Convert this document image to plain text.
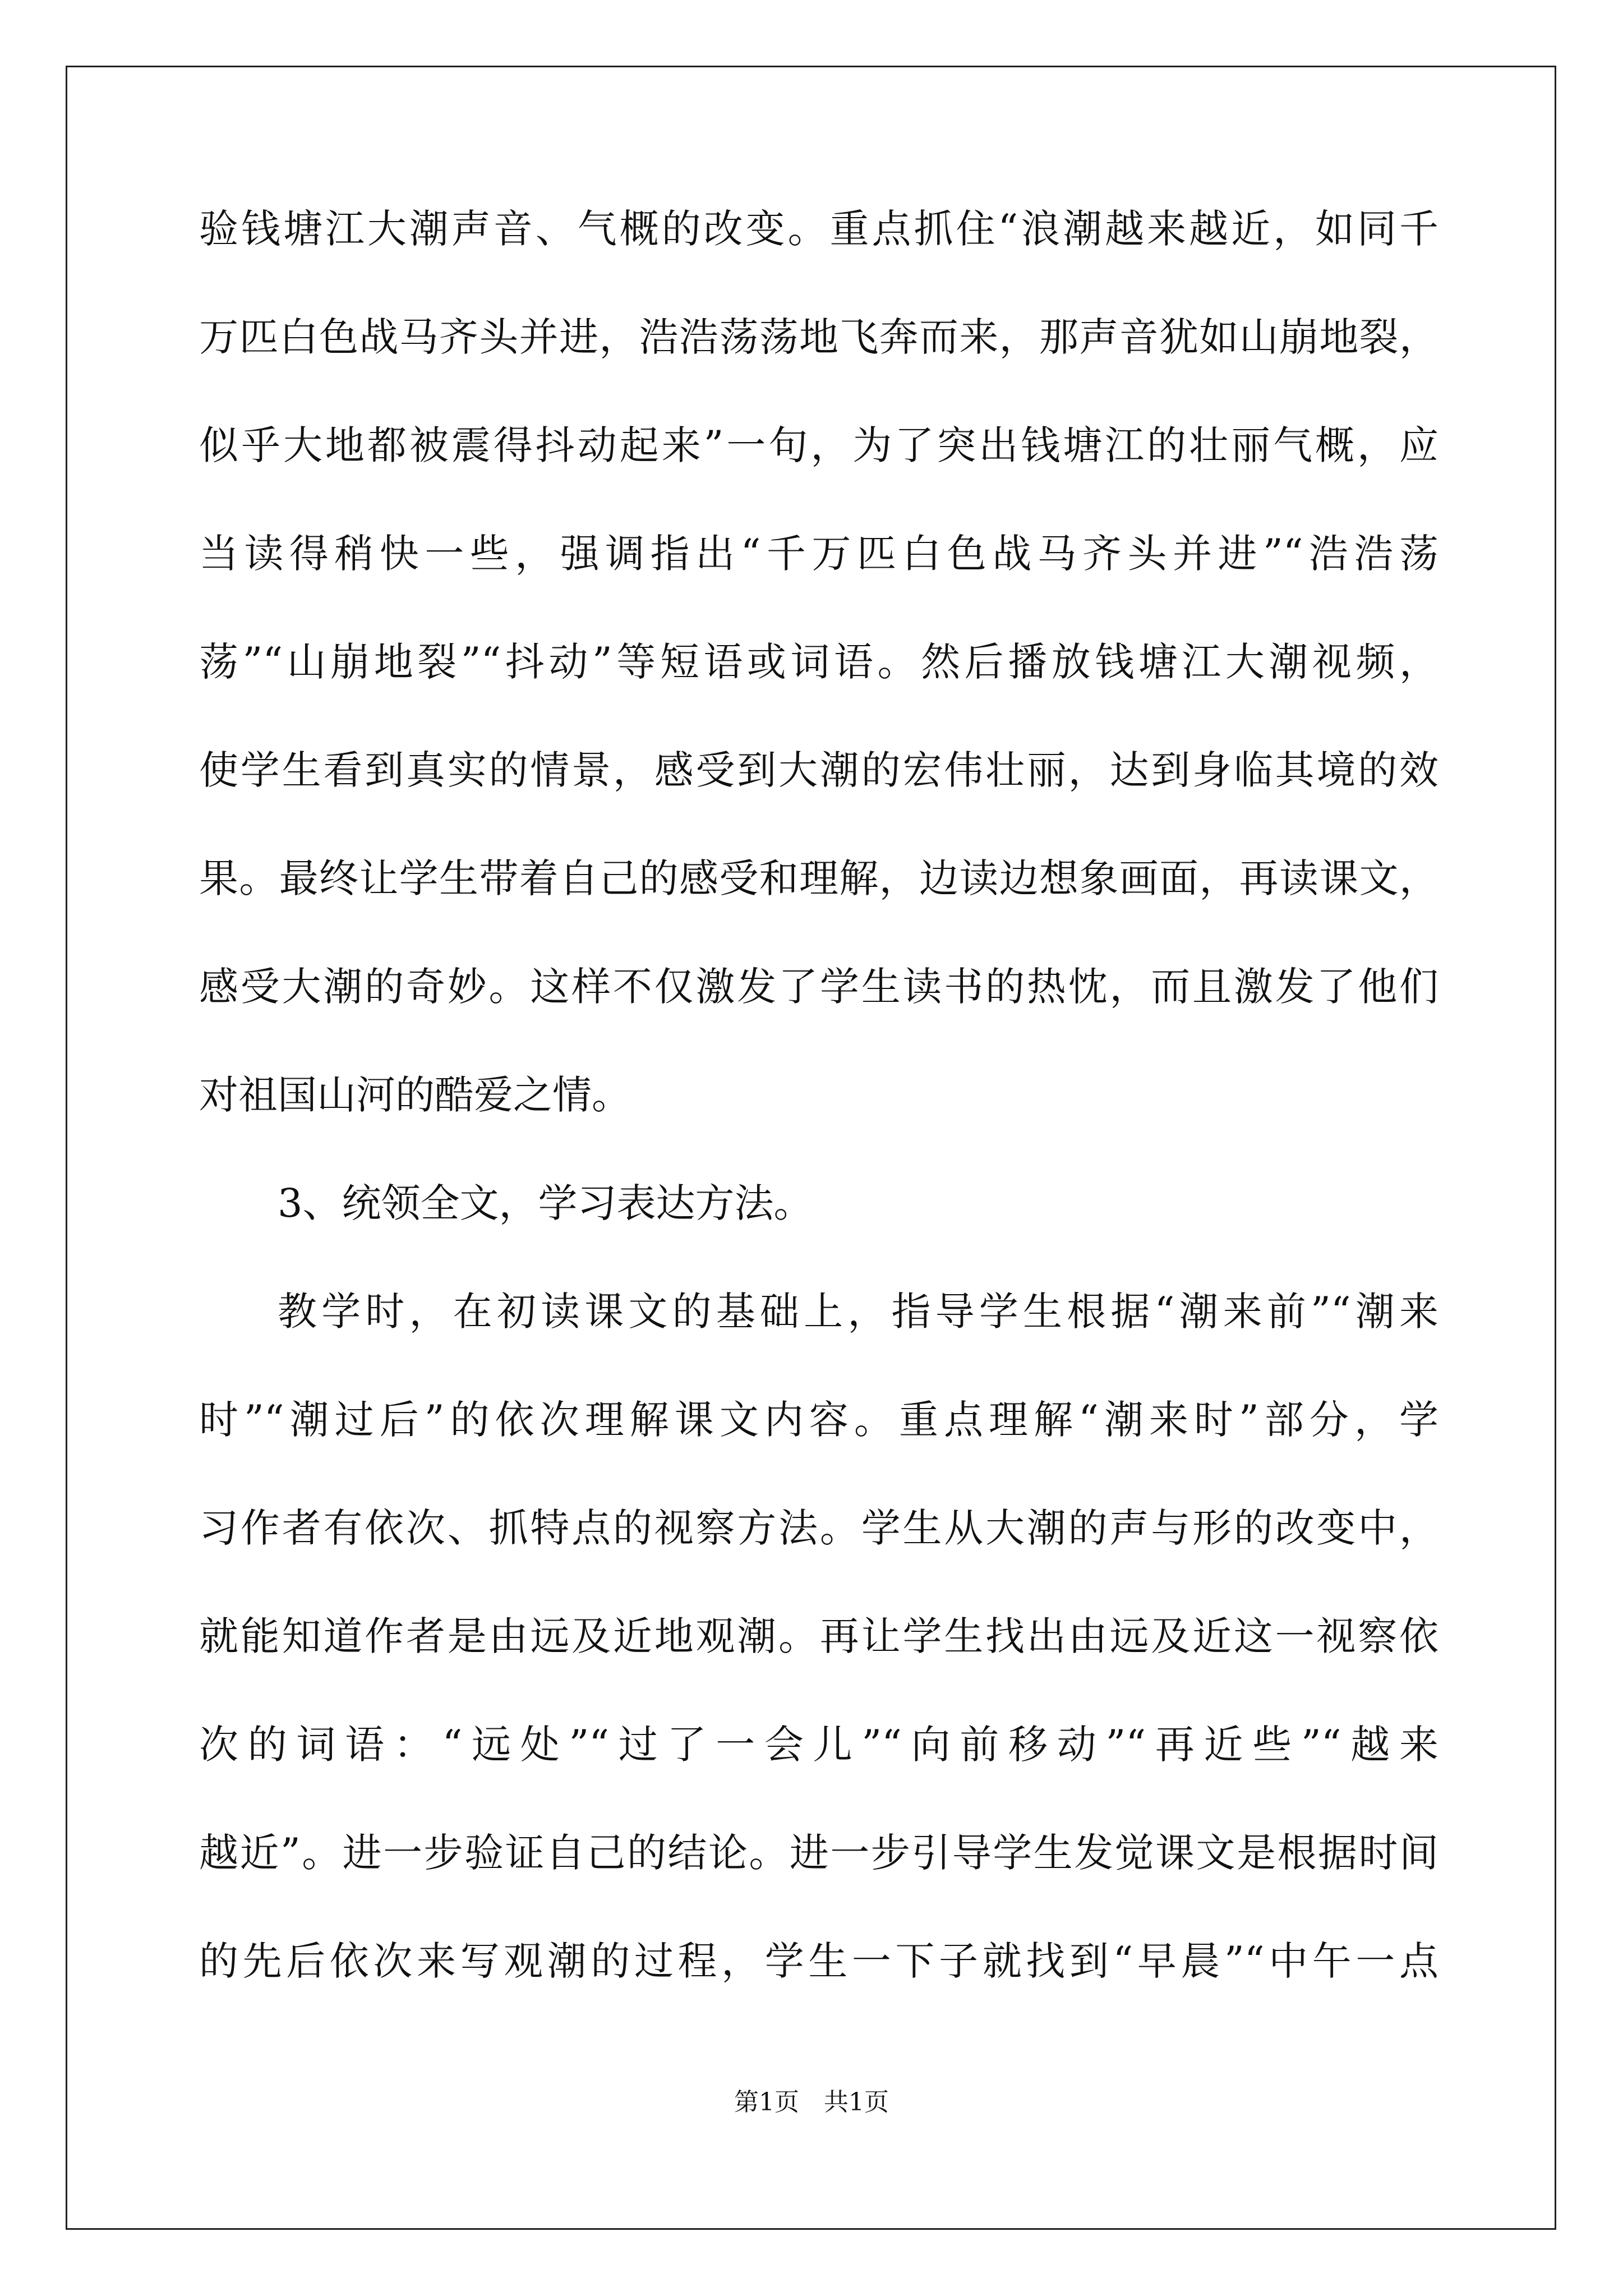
验钱塘江大潮声音、气概的改变。重点抓住“浪潮越来越近，如同千
万匹白色战马齐头并进，浩浩荡荡地飞奔而来，那声音犹如山崩地裂，
似乎大地都被震得抖动起来”一句，为了突出钱塘江的壮丽气概，应
当读得稍快一些，强调指出“千万匹白色战马齐头并进”“浩浩荡
荡”“山崩地裂”“抖动”等短语或词语。然后播放钱塘江大潮视频，
使学生看到真实的情景，感受到大潮的宏伟壮丽，达到身临其境的效
果。最终让学生带着自己的感受和理解，边读边想象画面，再读课文，
感受大潮的奇妙。这样不仅激发了学生读书的热忱，而且激发了他们
对祖国山河的酷爱之情。
3、统领全文，学习表达方法。
教学时，在初读课文的基础上，指导学生根据“潮来前”“潮来
时”“潮过后”的依次理解课文内容。重点理解“潮来时”部分，学
习作者有依次、抓特点的视察方法。学生从大潮的声与形的改变中，
就能知道作者是由远及近地观潮。再让学生找出由远及近这一视察依
次的词语：“远处”“过了一会儿”“向前移动”“再近些”“越来
越近”。进一步验证自己的结论。进一步引导学生发觉课文是根据时间
的先后依次来写观潮的过程，学生一下子就找到“早晨”“中午一点
第1页　共1页
